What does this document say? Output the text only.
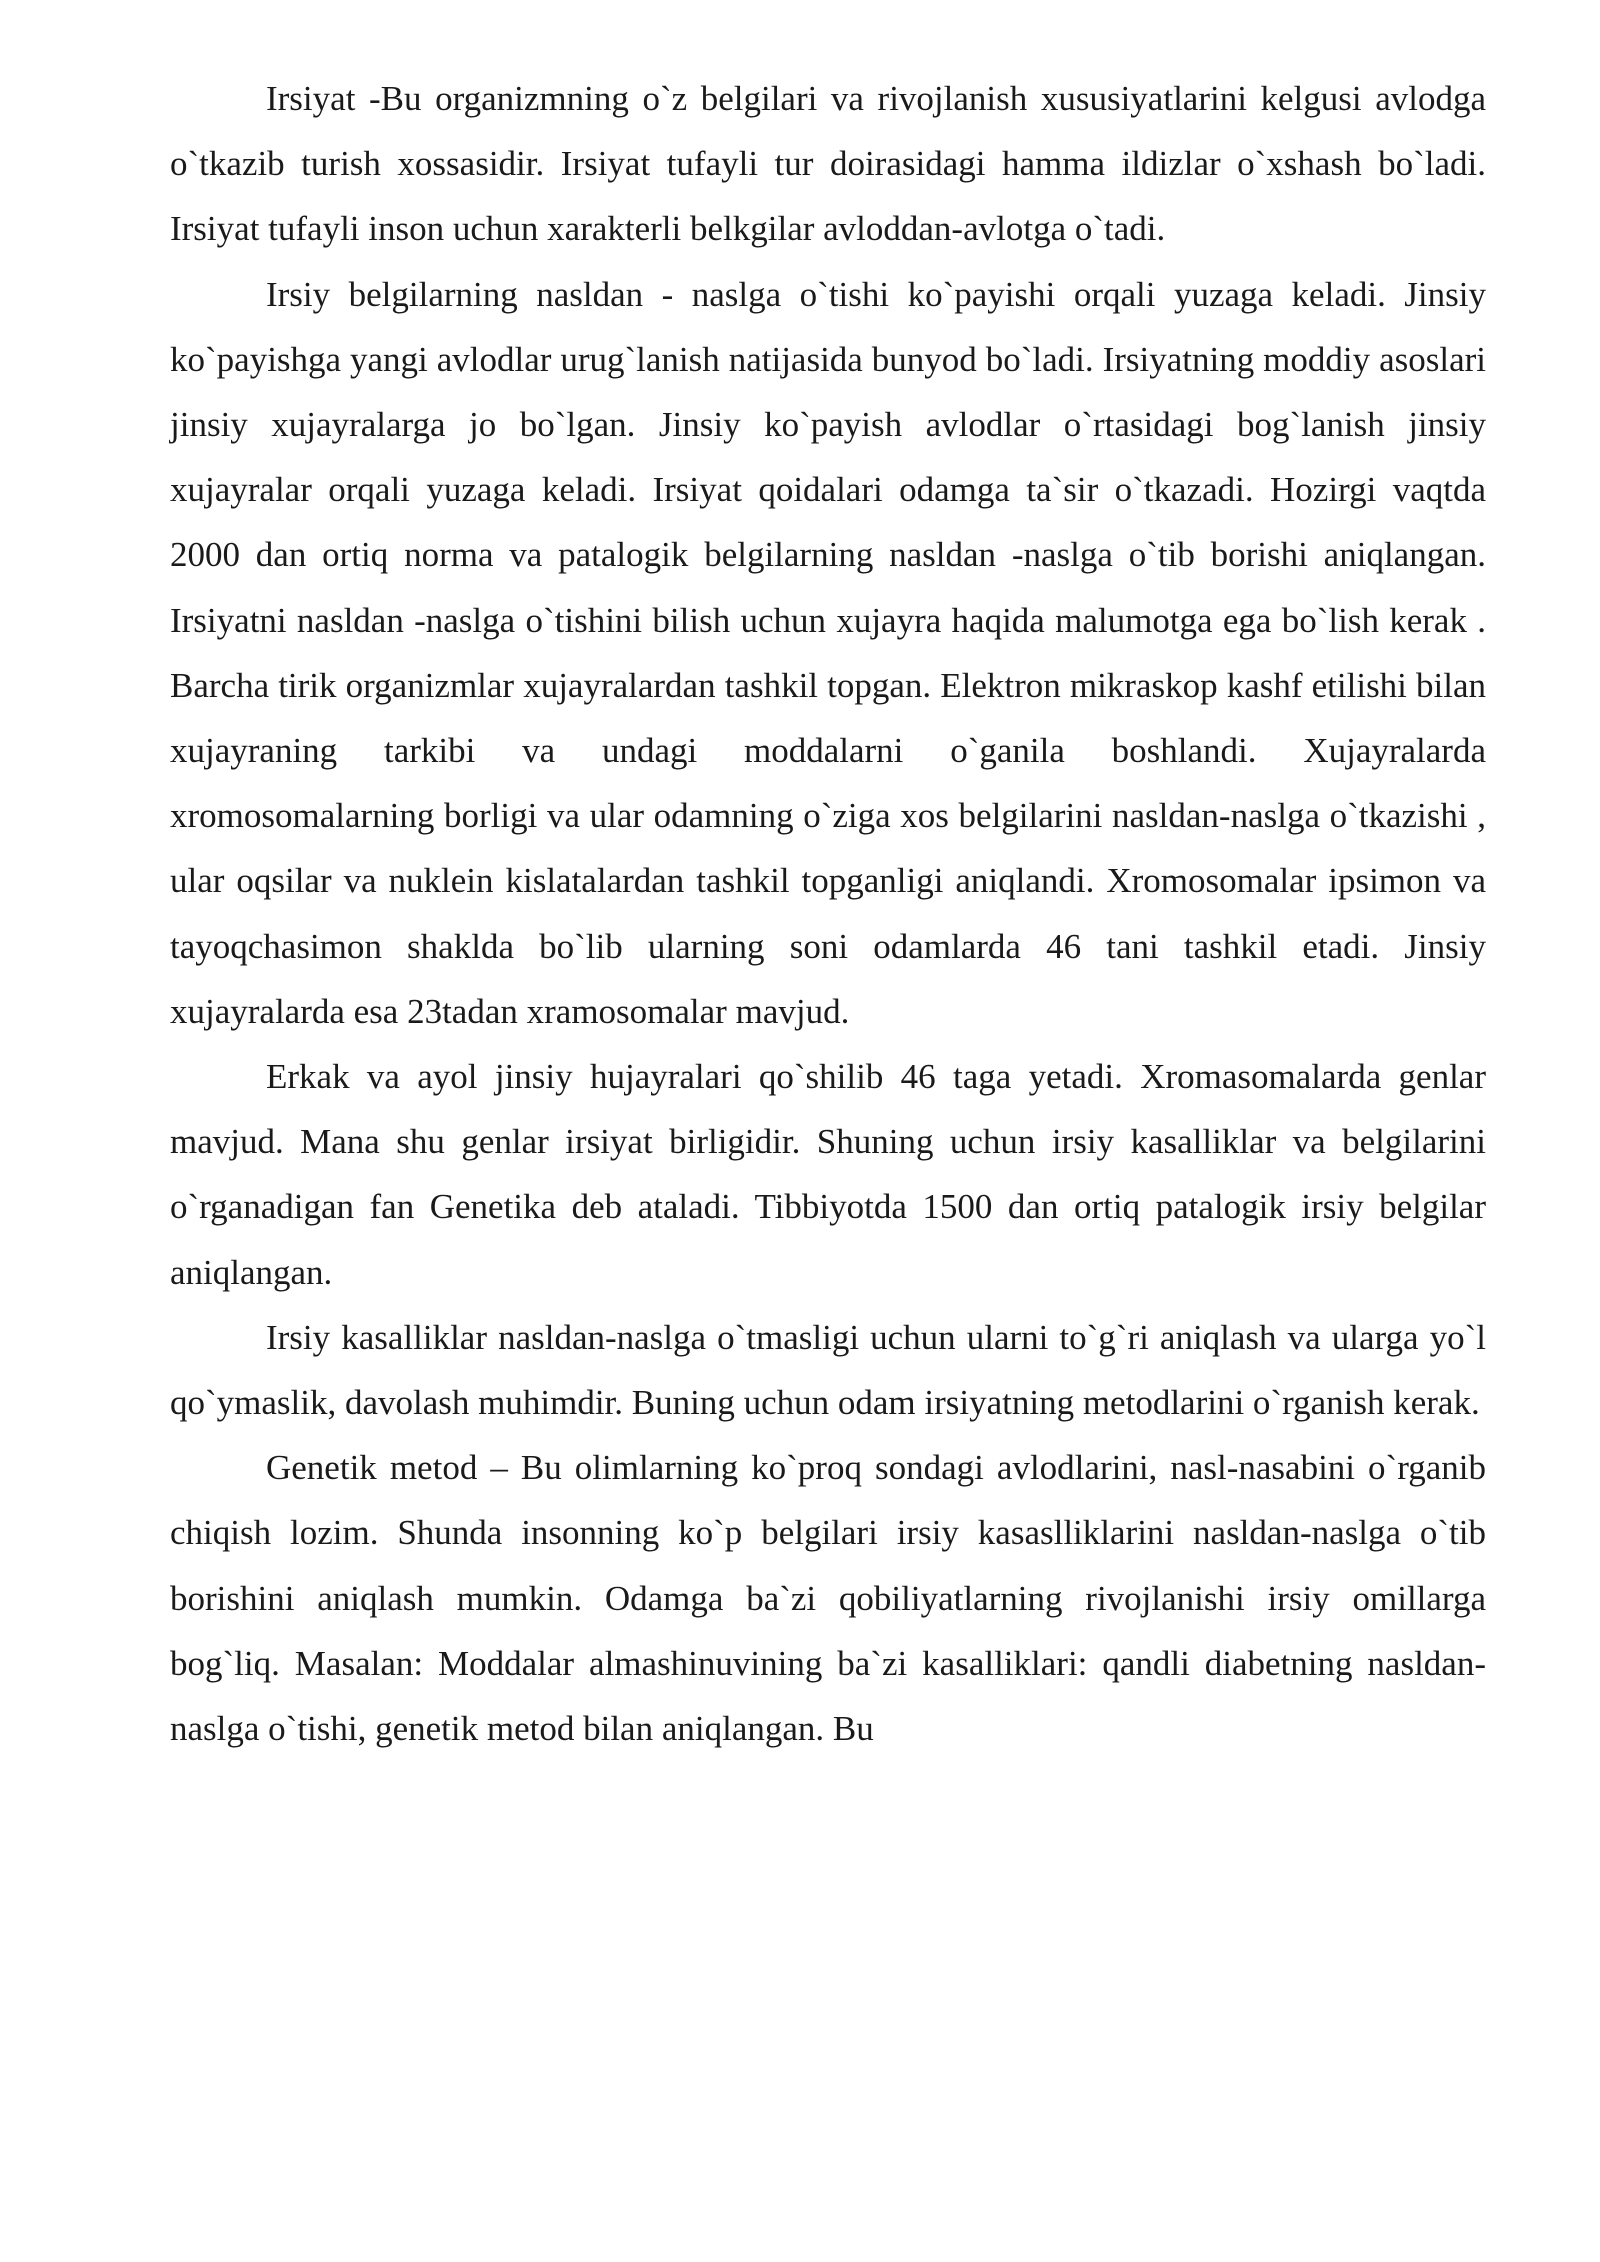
Irsiyat -Bu organizmning o`z belgilari va rivojlanish xususiyatlarini kelgusi avlodga o`tkazib turish xossasidir. Irsiyat tufayli tur doirasidagi hamma ildizlar o`xshash bo`ladi. Irsiyat tufayli inson uchun xarakterli belkgilar avloddan-avlotga o`tadi.

Irsiy belgilarning nasldan - naslga o`tishi ko`payishi orqali yuzaga keladi. Jinsiy ko`payishga yangi avlodlar urug`lanish natijasida bunyod bo`ladi. Irsiyatning moddiy asoslari jinsiy xujayralarga jo bo`lgan. Jinsiy ko`payish avlodlar o`rtasidagi bog`lanish jinsiy xujayralar orqali yuzaga keladi. Irsiyat qoidalari odamga ta`sir o`tkazadi. Hozirgi vaqtda 2000 dan ortiq norma va patalogik belgilarning nasldan -naslga o`tib borishi aniqlangan. Irsiyatni nasldan -naslga o`tishini bilish uchun xujayra haqida malumotga ega bo`lish kerak . Barcha tirik organizmlar xujayralardan tashkil topgan. Elektron mikraskop kashf etilishi bilan xujayraning tarkibi va undagi moddalarni o`ganila boshlandi. Xujayralarda xromosomalarning borligi va ular odamning o`ziga xos belgilarini nasldan-naslga o`tkazishi , ular oqsilar va nuklein kislatalardan tashkil topganligi aniqlandi. Xromosomalar ipsimon va tayoqchasimon shaklda bo`lib ularning soni odamlarda 46 tani tashkil etadi. Jinsiy xujayralarda esa 23tadan xramosomalar mavjud.

Erkak va ayol jinsiy hujayralari qo`shilib 46 taga yetadi. Xromasomalarda genlar mavjud. Mana shu genlar irsiyat birligidir. Shuning uchun irsiy kasalliklar va belgilarini o`rganadigan fan Genetika deb ataladi. Tibbiyotda 1500 dan ortiq patalogik irsiy belgilar aniqlangan.

Irsiy kasalliklar nasldan-naslga o`tmasligi uchun ularni to`g`ri aniqlash va ularga yo`l qo`ymaslik, davolash muhimdir. Buning uchun odam irsiyatning metodlarini o`rganish kerak.

Genetik metod – Bu olimlarning ko`proq sondagi avlodlarini, nasl-nasabini o`rganib chiqish lozim. Shunda insonning ko`p belgilari irsiy kasaslliklarini nasldan-naslga o`tib borishini aniqlash mumkin. Odamga ba`zi qobiliyatlarning rivojlanishi irsiy omillarga bog`liq. Masalan: Moddalar almashinuvining ba`zi kasalliklari: qandli diabetning nasldan-naslga o`tishi, genetik metod bilan aniqlangan. Bu
